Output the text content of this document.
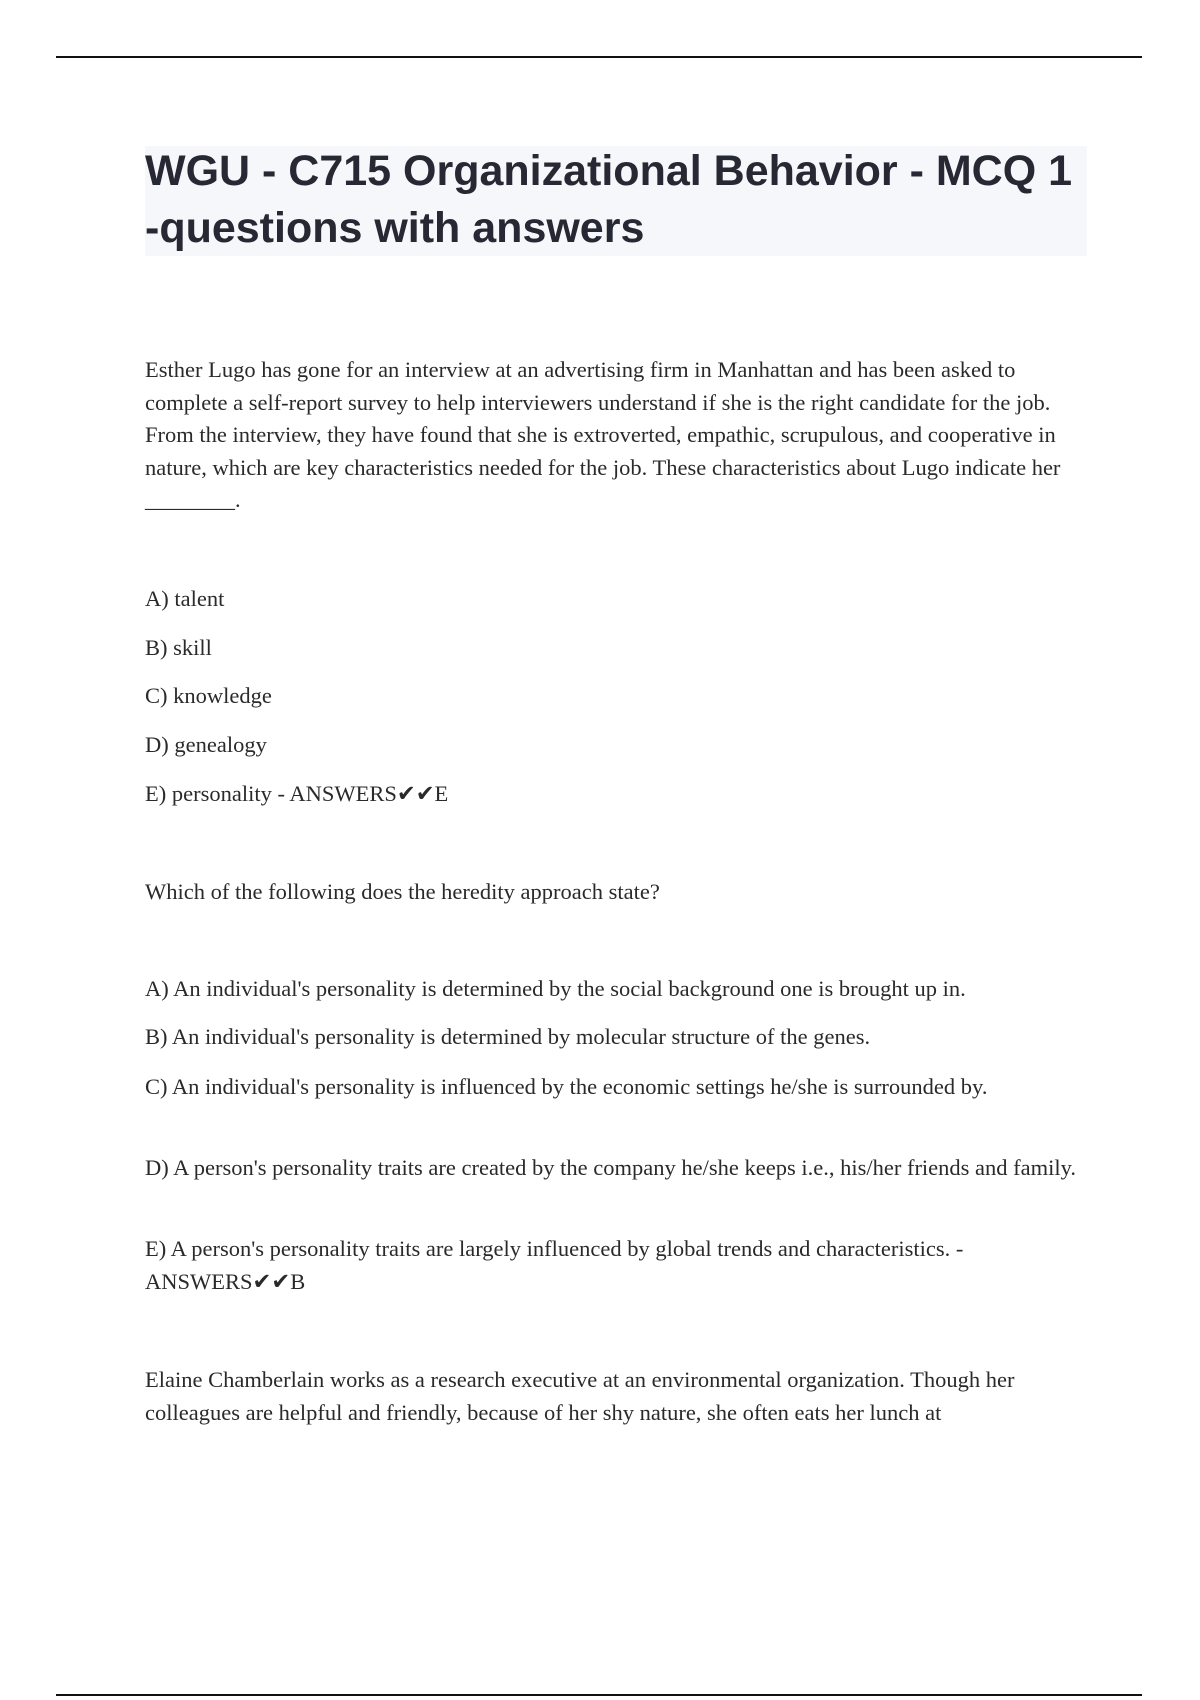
WGU - C715 Organizational Behavior - MCQ 1 -questions with answers

Esther Lugo has gone for an interview at an advertising firm in Manhattan and has been asked to complete a self-report survey to help interviewers understand if she is the right candidate for the job. From the interview, they have found that she is extroverted, empathic, scrupulous, and cooperative in nature, which are key characteristics needed for the job. These characteristics about Lugo indicate her ________.

A) talent

B) skill

C) knowledge

D) genealogy

E) personality - ANSWERS✔✔E

Which of the following does the heredity approach state?

A) An individual's personality is determined by the social background one is brought up in.

B) An individual's personality is determined by molecular structure of the genes.

C) An individual's personality is influenced by the economic settings he/she is surrounded by.

D) A person's personality traits are created by the company he/she keeps i.e., his/her friends and family.

E) A person's personality traits are largely influenced by global trends and characteristics. - ANSWERS✔✔B

Elaine Chamberlain works as a research executive at an environmental organization. Though her colleagues are helpful and friendly, because of her shy nature, she often eats her lunch at
